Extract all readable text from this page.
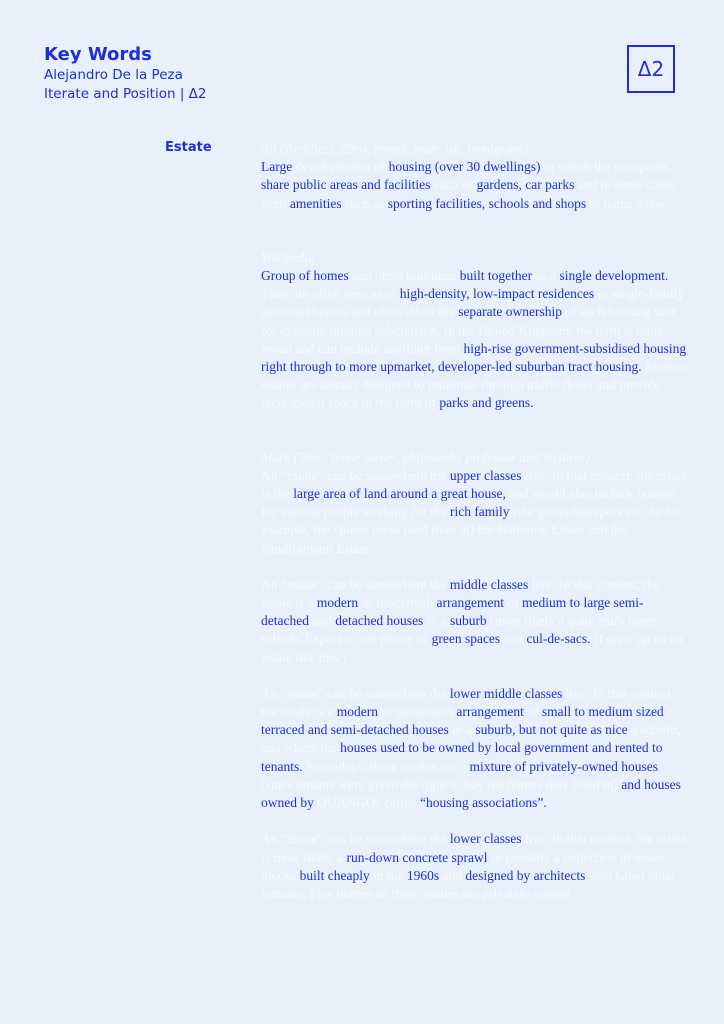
Key Words

Alejandro De la Peza

Iterate and Position | Δ2

Δ2
Estate	Ali (Architect, 29yo, tenant, male-ish, immigrant)

Large developments of housing (over 30 dwellings) in which the occupants share public areas and facilities such as gardens, car parks and in some cases even amenities such as sporting facilities, schools and shops to name a few.

Wikipedia

Group of homes and other buildings built together as a single development. They are often seen as of high-density, low-impact residences or single-family detached homes and often allow the separate ownership of each housing unit, for example through subdivision. In the United Kingdom, the term is more broad and can include anything from high-rise government-subsidised housing right through to more upmarket, developer-led suburban tract housing. Modern estates are usually designed to minimise through traffic flows and provide recreational space in the form of parks and greens.

Mark (59yo, home owner, philosophy professor and lecturer)

An “estate” can be somewhere the upper classes live. In that context, the estate is the large area of land around a great house, and would also include houses for various people working for the rich family (the groundskeepers etc. So for example, the Queen owns (and lives at) the Balmoral Estate and the Sandringham Estate.

An “estate” can be somewhere the middle classes live. In that context, the estate is a modern or modernish arrangement of medium to large semi-detached and detached houses in a suburb (most likely a quite leafy outer suburb. Expect to see plenty of green spaces and cul-de-sacs. (I grew up on an estate like this.)

An “estate” can be somewhere the lower middle classes live. In that context, the estate is a modern or modernish arrangement of small to medium sized terraced and semi-detached houses in a suburb, but not quite as nice a suburb, and where the houses used to be owned by local government and rented to tenants. Nowadays, these estates are a mixture of privately-owned houses (since tenants were given the right to buy the homes they lived in) and houses owned by QUANGOs called “housing associations”.

An “estate” can be somewhere the lower classes live. In that context, the estate is most likely a run-down concrete sprawl or possibly a collection of tower blocks built cheaply in the 1960s and designed by architects who hated other humans. Few homes on these estates are privately owned.
